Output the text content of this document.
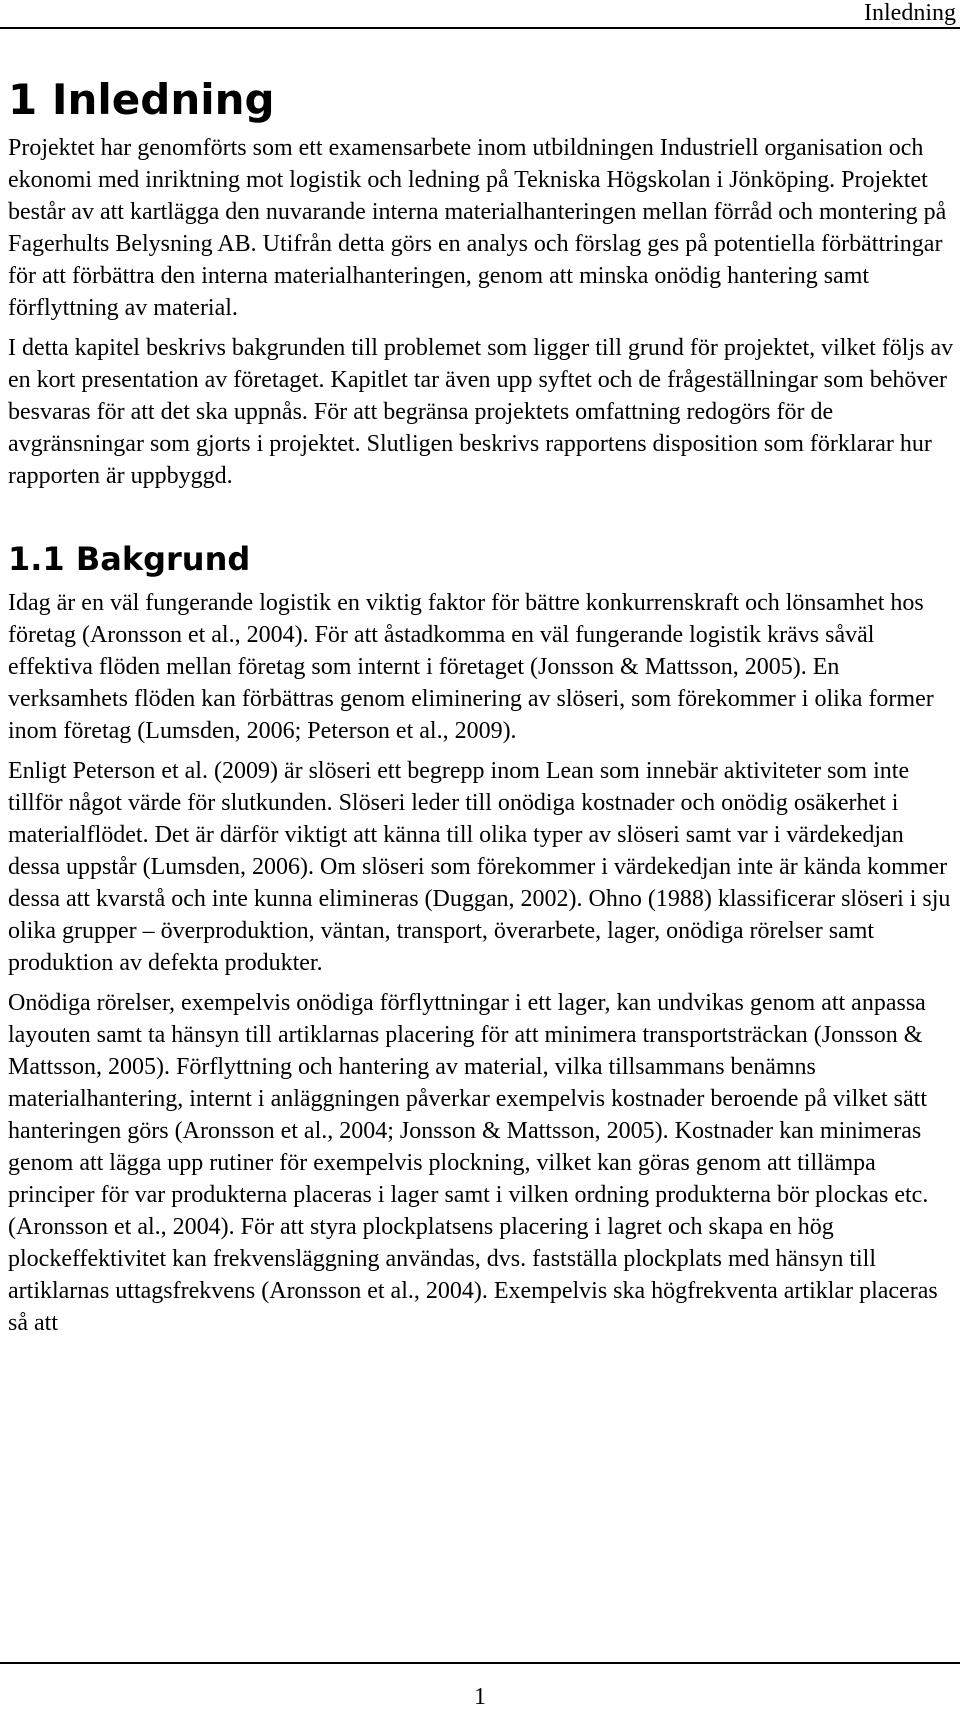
Inledning

1 Inledning

Projektet har genomförts som ett examensarbete inom utbildningen Industriell organisation och ekonomi med inriktning mot logistik och ledning på Tekniska Högskolan i Jönköping. Projektet består av att kartlägga den nuvarande interna materialhanteringen mellan förråd och montering på Fagerhults Belysning AB. Utifrån detta görs en analys och förslag ges på potentiella förbättringar för att förbättra den interna materialhanteringen, genom att minska onödig hantering samt förflyttning av material.

I detta kapitel beskrivs bakgrunden till problemet som ligger till grund för projektet, vilket följs av en kort presentation av företaget. Kapitlet tar även upp syftet och de frågeställningar som behöver besvaras för att det ska uppnås. För att begränsa projektets omfattning redogörs för de avgränsningar som gjorts i projektet. Slutligen beskrivs rapportens disposition som förklarar hur rapporten är uppbyggd.

1.1 Bakgrund

Idag är en väl fungerande logistik en viktig faktor för bättre konkurrenskraft och lönsamhet hos företag (Aronsson et al., 2004). För att åstadkomma en väl fungerande logistik krävs såväl effektiva flöden mellan företag som internt i företaget (Jonsson & Mattsson, 2005). En verksamhets flöden kan förbättras genom eliminering av slöseri, som förekommer i olika former inom företag (Lumsden, 2006; Peterson et al., 2009).

Enligt Peterson et al. (2009) är slöseri ett begrepp inom Lean som innebär aktiviteter som inte tillför något värde för slutkunden. Slöseri leder till onödiga kostnader och onödig osäkerhet i materialflödet. Det är därför viktigt att känna till olika typer av slöseri samt var i värdekedjan dessa uppstår (Lumsden, 2006). Om slöseri som förekommer i värdekedjan inte är kända kommer dessa att kvarstå och inte kunna elimineras (Duggan, 2002). Ohno (1988) klassificerar slöseri i sju olika grupper – överproduktion, väntan, transport, överarbete, lager, onödiga rörelser samt produktion av defekta produkter.

Onödiga rörelser, exempelvis onödiga förflyttningar i ett lager, kan undvikas genom att anpassa layouten samt ta hänsyn till artiklarnas placering för att minimera transportsträckan (Jonsson & Mattsson, 2005). Förflyttning och hantering av material, vilka tillsammans benämns materialhantering, internt i anläggningen påverkar exempelvis kostnader beroende på vilket sätt hanteringen görs (Aronsson et al., 2004; Jonsson & Mattsson, 2005). Kostnader kan minimeras genom att lägga upp rutiner för exempelvis plockning, vilket kan göras genom att tillämpa principer för var produkterna placeras i lager samt i vilken ordning produkterna bör plockas etc. (Aronsson et al., 2004). För att styra plockplatsens placering i lagret och skapa en hög plockeffektivitet kan frekvensläggning användas, dvs. fastställa plockplats med hänsyn till artiklarnas uttagsfrekvens (Aronsson et al., 2004). Exempelvis ska högfrekventa artiklar placeras så att

1
